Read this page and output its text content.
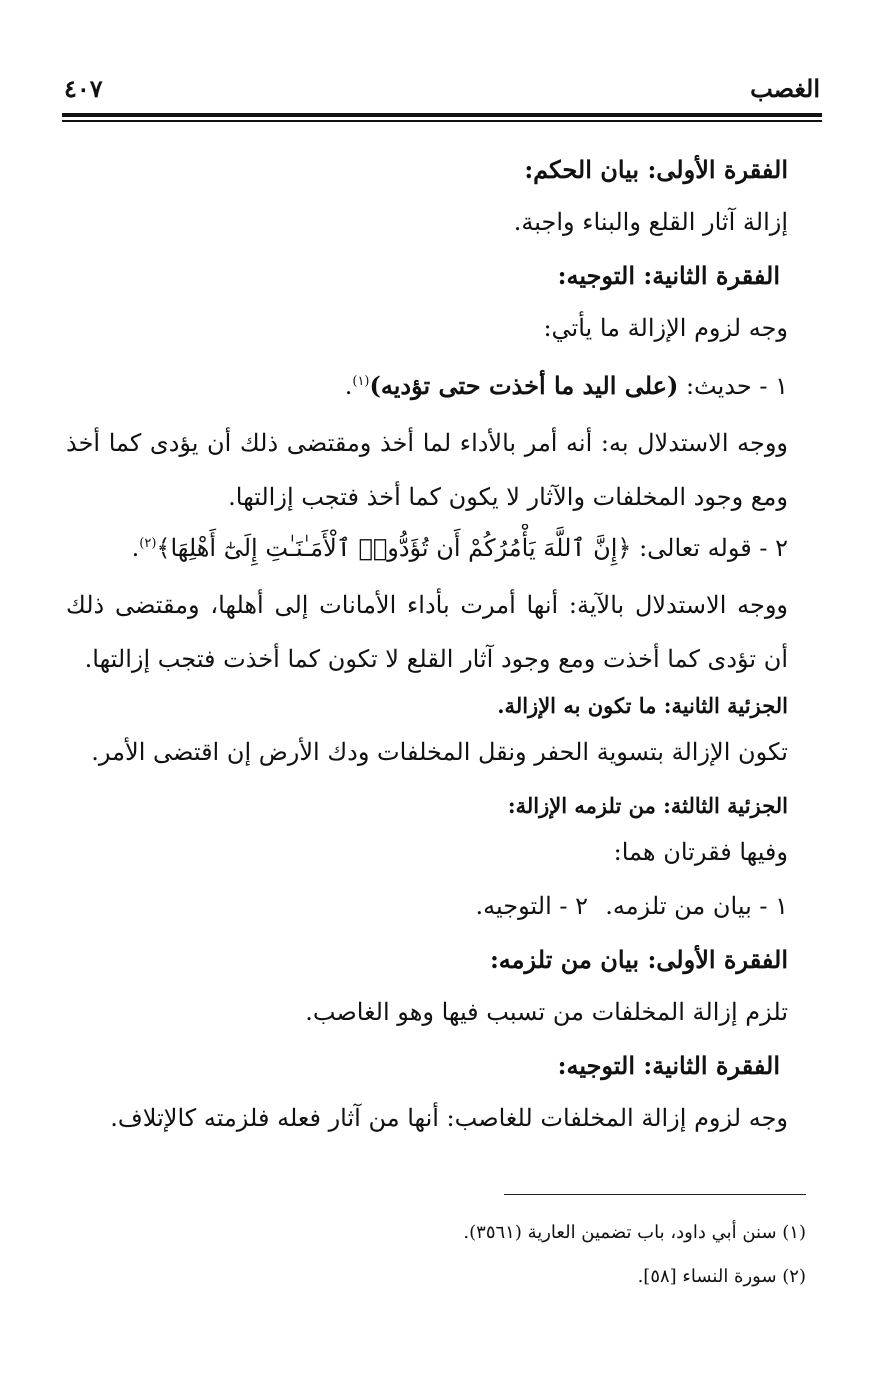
الغصب
٤٠٧
الفقرة الأولى: بيان الحكم:
إزالة آثار القلع والبناء واجبة.
الفقرة الثانية: التوجيه:
وجه لزوم الإزالة ما يأتي:
١ - حديث: (على اليد ما أخذت حتى تؤديه)$^{(١)}$.
ووجه الاستدلال به: أنه أمر بالأداء لما أخذ ومقتضى ذلك أن يؤدى كما أخذ ومع وجود المخلفات والآثار لا يكون كما أخذ فتجب إزالتها.
٢ - قوله تعالى: ﴿إِنَّ ٱللَّهَ يَأْمُرُكُمْ أَن تُؤَدُّوا۟ ٱلْأَمَـٰنَـٰتِ إِلَىٰٓ أَهْلِهَا﴾$^{(٢)}$.
ووجه الاستدلال بالآية: أنها أمرت بأداء الأمانات إلى أهلها، ومقتضى ذلك أن تؤدى كما أخذت ومع وجود آثار القلع لا تكون كما أخذت فتجب إزالتها.
الجزئية الثانية: ما تكون به الإزالة.
تكون الإزالة بتسوية الحفر ونقل المخلفات ودك الأرض إن اقتضى الأمر.
الجزئية الثالثة: من تلزمه الإزالة:
وفيها فقرتان هما:
١ - بيان من تلزمه.
٢ - التوجيه.
الفقرة الأولى: بيان من تلزمه:
تلزم إزالة المخلفات من تسبب فيها وهو الغاصب.
الفقرة الثانية: التوجيه:
وجه لزوم إزالة المخلفات للغاصب: أنها من آثار فعله فلزمته كالإتلاف.
(١) سنن أبي داود، باب تضمين العارية (٣٥٦١).
(٢) سورة النساء [٥٨].
